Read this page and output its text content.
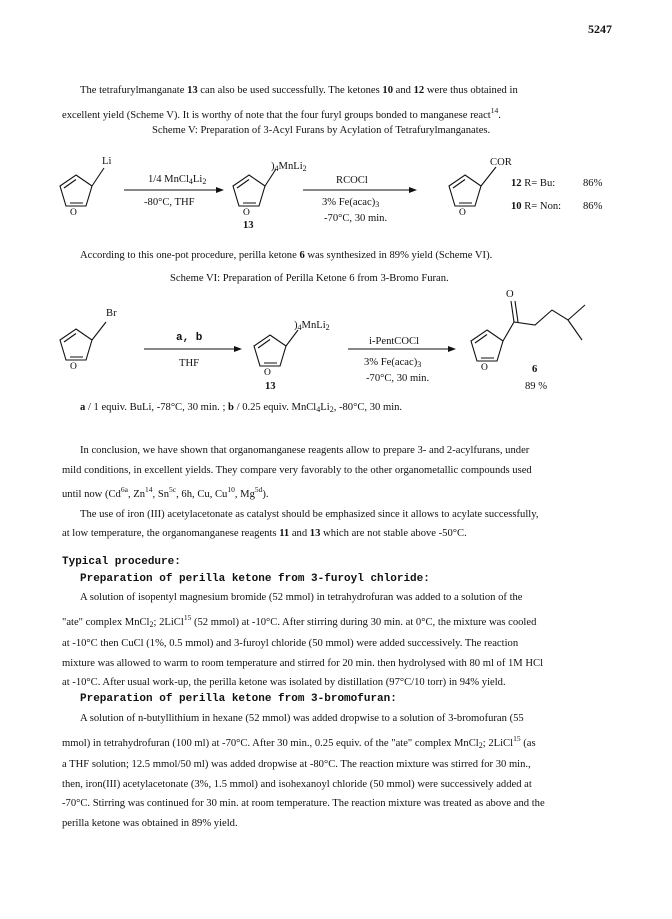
5247

The tetrafurylmanganate 13 can also be used successfully. The ketones 10 and 12 were thus obtained in

excellent yield (Scheme V). It is worthy of note that the four furyl groups bonded to manganese react$^{14}$.

Scheme V: Preparation of 3-Acyl Furans by Acylation of Tetrafurylmanganates.
O	O	O
Li
1/4 $MnCl_4Li_2$
-80°C, THF
)$_4MnLi_2$
13
RCOCl
3% $Fe(acac)_3$
-70°C, 30 min.
COR
12 R= Bu:	86%
10 R= Non: 86%
According to this one-pot procedure, perilla ketone 6 was synthesized in 89% yield (Scheme VI).
Scheme VI: Preparation of Perilla Ketone 6 from 3-Bromo Furan.
O
O	O
Br
a, b
THF
)$_4MnLi_2$
13
O
i-PentCOCl
3% $Fe(acac)_3$
-70°C, 30 min.
6
89 %
a / 1 equiv. BuLi, -78°C, 30 min. ; b / 0.25 equiv. $MnCl_4Li_2$, -80°C, 30 min.

In conclusion, we have shown that organomanganese reagents allow to prepare 3- and 2-acylfurans, under

mild conditions, in excellent yields. They compare very favorably to the other organometallic compounds used

until now ($Cd^{6a}$, Zn$^{14}$, $Sn^{5c}$, 6h, Cu, Cu$^{10}$, $Mg^{5d}$).

The use of iron (III) acetylacetonate as catalyst should be emphasized since it allows to acylate successfully,

at low temperature, the organomanganese reagents 11 and 13 which are not stable above -50°C.

Typical procedure:
Preparation of perilla ketone from 3-furoyl chloride:

A solution of isopentyl magnesium bromide (52 mmol) in tetrahydrofuran was added to a solution of the

"ate" complex MnCl$_2$; 2LiCl$^{15}$ (52 mmol) at -10°C. After stirring during 30 min. at 0°C, the mixture was cooled

at -10°C then CuCl (1%, 0.5 mmol) and 3-furoyl chloride (50 mmol) were added successively. The reaction

mixture was allowed to warm to room temperature and stirred for 20 min. then hydrolysed with 80 ml of 1M HCl

at -10°C. After usual work-up, the perilla ketone was isolated by distillation (97°C/10 torr) in 94% yield.

Preparation of perilla ketone from 3-bromofuran:

A solution of n-butyllithium in hexane (52 mmol) was added dropwise to a solution of 3-bromofuran (55

mmol) in tetrahydrofuran (100 ml) at -70°C. After 30 min., 0.25 equiv. of the "ate" complex MnCl$_2$; 2LiCl$^{15}$ (as

a THF solution; 12.5 mmol/50 ml) was added dropwise at -80°C. The reaction mixture was stirred for 30 min.,

then, iron(III) acetylacetonate (3%, 1.5 mmol) and isohexanoyl chloride (50 mmol) were successively added at

-70°C. Stirring was continued for 30 min. at room temperature. The reaction mixture was treated as above and the

perilla ketone was obtained in 89% yield.
